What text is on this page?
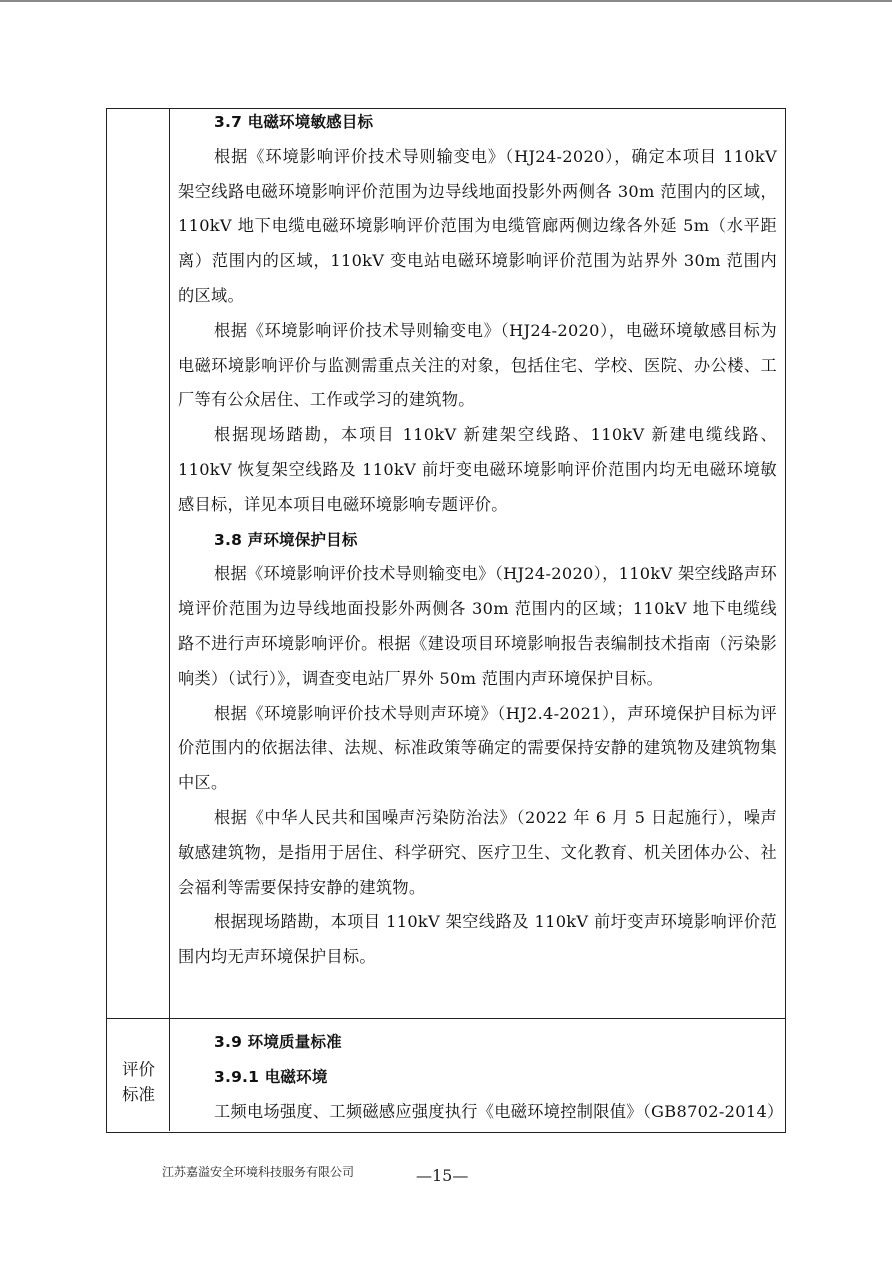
3.7 电磁环境敏感目标

根据《环境影响评价技术导则输变电》（HJ24-2020），确定本项目 110kV 架空线路电磁环境影响评价范围为边导线地面投影外两侧各 30m 范围内的区域，110kV 地下电缆电磁环境影响评价范围为电缆管廊两侧边缘各外延 5m（水平距离）范围内的区域，110kV 变电站电磁环境影响评价范围为站界外 30m 范围内的区域。

根据《环境影响评价技术导则输变电》（HJ24-2020），电磁环境敏感目标为电磁环境影响评价与监测需重点关注的对象，包括住宅、学校、医院、办公楼、工厂等有公众居住、工作或学习的建筑物。

根据现场踏勘，本项目 110kV 新建架空线路、110kV 新建电缆线路、110kV 恢复架空线路及 110kV 前圩变电磁环境影响评价范围内均无电磁环境敏感目标，详见本项目电磁环境影响专题评价。

3.8 声环境保护目标

根据《环境影响评价技术导则输变电》（HJ24-2020），110kV 架空线路声环境评价范围为边导线地面投影外两侧各 30m 范围内的区域；110kV 地下电缆线路不进行声环境影响评价。根据《建设项目环境影响报告表编制技术指南（污染影响类）（试行）》，调查变电站厂界外 50m 范围内声环境保护目标。

根据《环境影响评价技术导则声环境》（HJ2.4-2021），声环境保护目标为评价范围内的依据法律、法规、标准政策等确定的需要保持安静的建筑物及建筑物集中区。

根据《中华人民共和国噪声污染防治法》（2022 年 6 月 5 日起施行），噪声敏感建筑物，是指用于居住、科学研究、医疗卫生、文化教育、机关团体办公、社会福利等需要保持安静的建筑物。

根据现场踏勘，本项目 110kV 架空线路及 110kV 前圩变声环境影响评价范围内均无声环境保护目标。

评价标准

3.9 环境质量标准

3.9.1 电磁环境

工频电场强度、工频磁感应强度执行《电磁环境控制限值》（GB8702-2014）

江苏嘉溢安全环境科技服务有限公司	—15—
